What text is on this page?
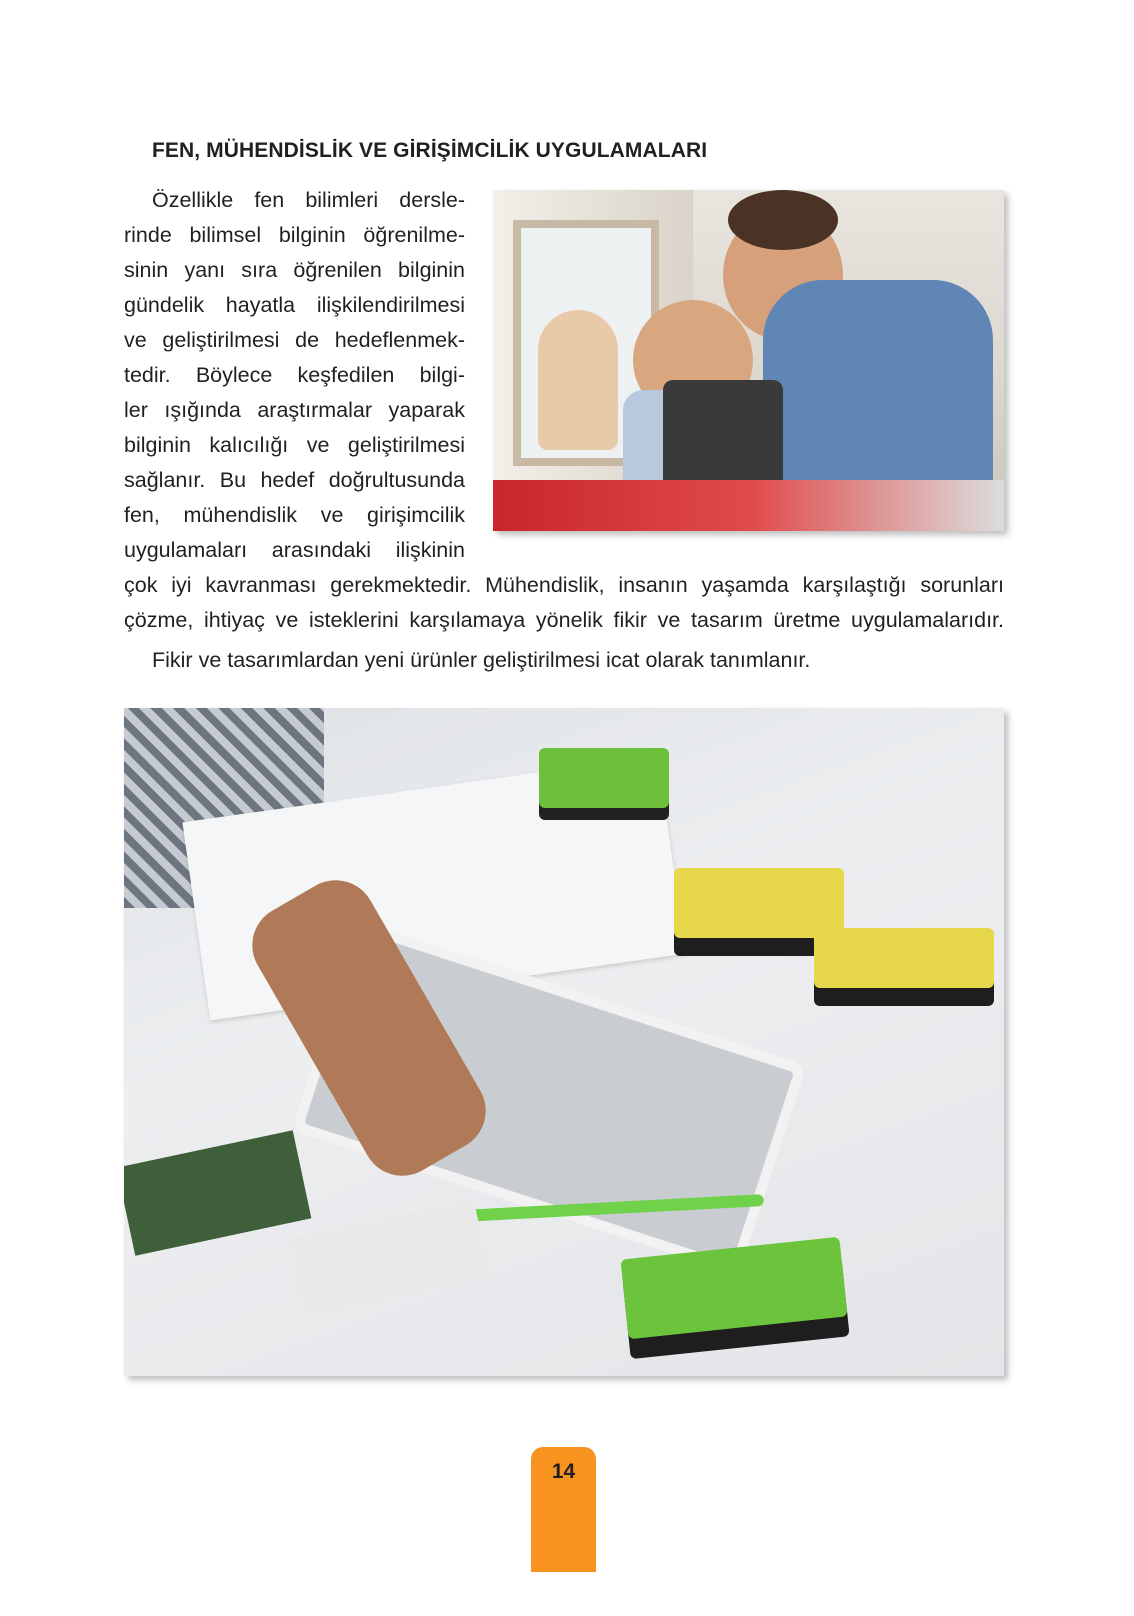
FEN, MÜHENDİSLİK VE GİRİŞİMCİLİK UYGULAMALARI
Özellikle fen bilimleri dersle-
rinde bilimsel bilginin öğrenilme-
sinin yanı sıra öğrenilen bilginin
gündelik hayatla ilişkilendirilmesi
ve geliştirilmesi de hedeflenmek-
tedir. Böylece keşfedilen bilgi-
ler ışığında araştırmalar yaparak
bilginin kalıcılığı ve geliştirilmesi
sağlanır. Bu hedef doğrultusunda
fen, mühendislik ve girişimcilik
uygulamaları arasındaki ilişkinin
çok iyi kavranması gerekmektedir. Mühendislik, insanın yaşamda karşılaştığı sorunları
çözme, ihtiyaç ve isteklerini karşılamaya yönelik fikir ve tasarım üretme uygulamalarıdır.
Fikir ve tasarımlardan yeni ürünler geliştirilmesi icat olarak tanımlanır.
14
